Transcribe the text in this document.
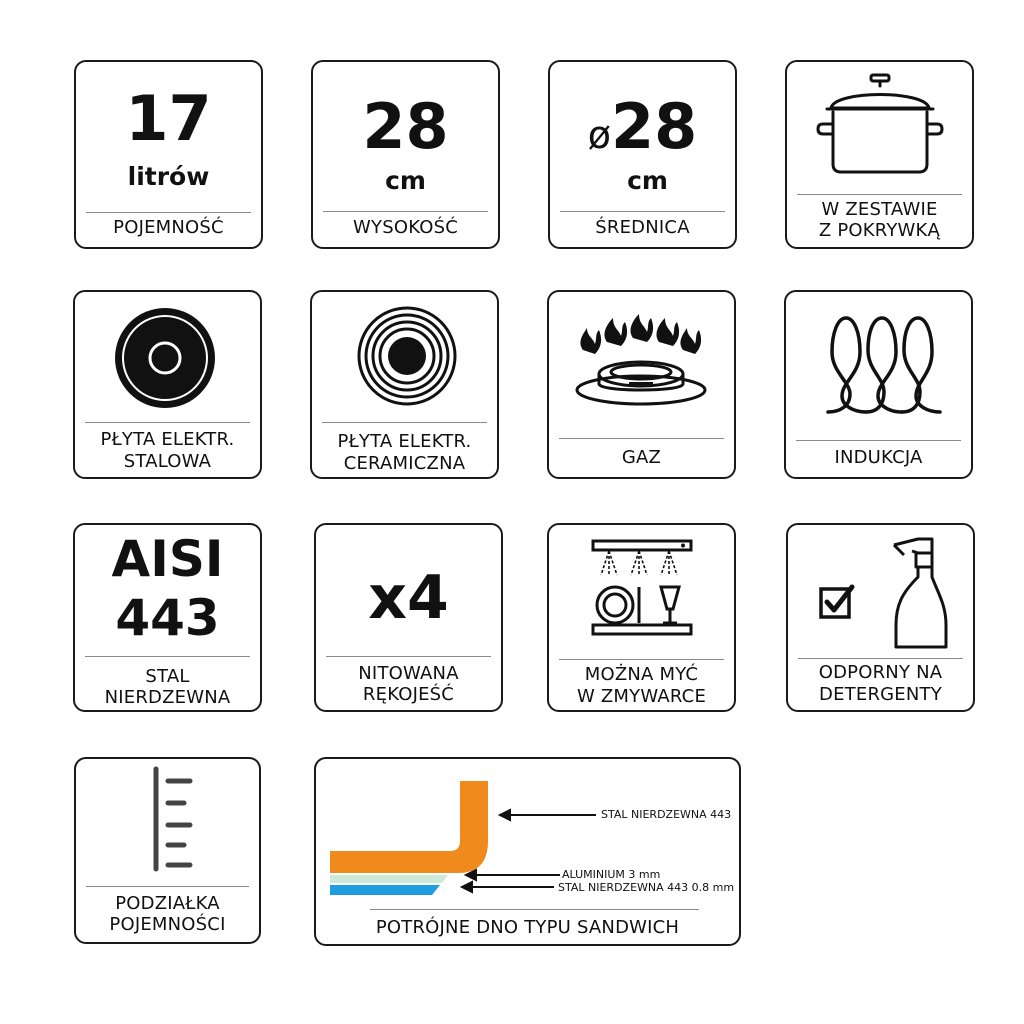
17
litrów
POJEMNOŚĆ
28
cm
WYSOKOŚĆ
ø28
cm
ŚREDNICA
W ZESTAWIE
Z POKRYWKĄ
PŁYTA ELEKTR.
STALOWA
PŁYTA ELEKTR.
CERAMICZNA	GAZ	INDUKCJA
AISI
443
STAL
NIERDZEWNA
x4
NITOWANA
RĘKOJEŚĆ
MOŻNA MYĆ
W ZMYWARCE
ODPORNY NA
DETERGENTY
PODZIAŁKA
POJEMNOŚCI
STAL NIERDZEWNA 443
ALUMINIUM 3 mm
STAL NIERDZEWNA 443 0.8 mm
POTRÓJNE DNO TYPU SANDWICH
